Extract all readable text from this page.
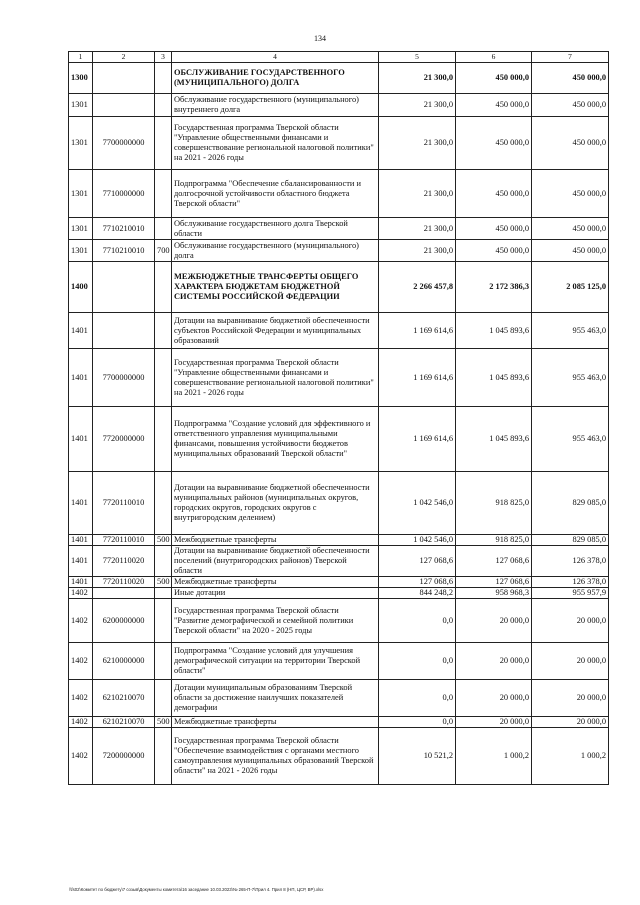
134
1	2	3	4	5	6	7
1300			ОБСЛУЖИВАНИЕ ГОСУДАРСТВЕННОГО (МУНИЦИПАЛЬНОГО) ДОЛГА	21 300,0	450 000,0	450 000,0
1301			Обслуживание государственного (муниципального) внутреннего долга	21 300,0	450 000,0	450 000,0
1301	7700000000		Государственная программа Тверской области "Управление общественными финансами и совершенствование региональной налоговой политики" на 2021 - 2026 годы	21 300,0	450 000,0	450 000,0
1301	7710000000		Подпрограмма "Обеспечение сбалансированности и долгосрочной устойчивости областного бюджета Тверской области"	21 300,0	450 000,0	450 000,0
1301	7710210010		Обслуживание государственного долга Тверской области	21 300,0	450 000,0	450 000,0
1301	7710210010	700	Обслуживание государственного (муниципального) долга	21 300,0	450 000,0	450 000,0
1400			МЕЖБЮДЖЕТНЫЕ ТРАНСФЕРТЫ ОБЩЕГО ХАРАКТЕРА БЮДЖЕТАМ БЮДЖЕТНОЙ СИСТЕМЫ РОССИЙСКОЙ ФЕДЕРАЦИИ	2 266 457,8	2 172 386,3	2 085 125,0
1401			Дотации на выравнивание бюджетной обеспеченности субъектов Российской Федерации и муниципальных образований	1 169 614,6	1 045 893,6	955 463,0
1401	7700000000		Государственная программа Тверской области "Управление общественными финансами и совершенствование региональной налоговой политики" на 2021 - 2026 годы	1 169 614,6	1 045 893,6	955 463,0
1401	7720000000		Подпрограмма "Создание условий для эффективного и ответственного управления муниципальными финансами, повышения устойчивости бюджетов муниципальных образований Тверской области"	1 169 614,6	1 045 893,6	955 463,0
1401	7720110010		Дотации на выравнивание бюджетной обеспеченности муниципальных районов (муниципальных округов, городских округов, городских округов с внутригородским делением)	1 042 546,0	918 825,0	829 085,0
1401	7720110010	500	Межбюджетные трансферты	1 042 546,0	918 825,0	829 085,0
1401	7720110020		Дотации на выравнивание бюджетной обеспеченности поселений (внутригородских районов) Тверской области	127 068,6	127 068,6	126 378,0
1401	7720110020	500	Межбюджетные трансферты	127 068,6	127 068,6	126 378,0
1402			Иные дотации	844 248,2	958 968,3	955 957,9
1402	6200000000		Государственная программа Тверской области "Развитие демографической и семейной политики Тверской области" на 2020 - 2025 годы	0,0	20 000,0	20 000,0
1402	6210000000		Подпрограмма "Создание условий для улучшения демографической ситуации на территории Тверской области"	0,0	20 000,0	20 000,0
1402	6210210070		Дотации муниципальным образованиям Тверской области за достижение наилучших показателей демографии	0,0	20 000,0	20 000,0
1402	6210210070	500	Межбюджетные трансферты	0,0	20 000,0	20 000,0
1402	7200000000		Государственная программа Тверской области "Обеспечение взаимодействия с органами местного самоуправления муниципальных образований Тверской области" на 2021 - 2026 годы	10 521,2	1 000,2	1 000,2
\\fs02\Комитет по бюджету\7 созыв\Документы комитета\16 заседание 10.03.2023\№ 265-П-7\Прил 4. Прил 8 (НП, ЦСР, ВР).xlsx
